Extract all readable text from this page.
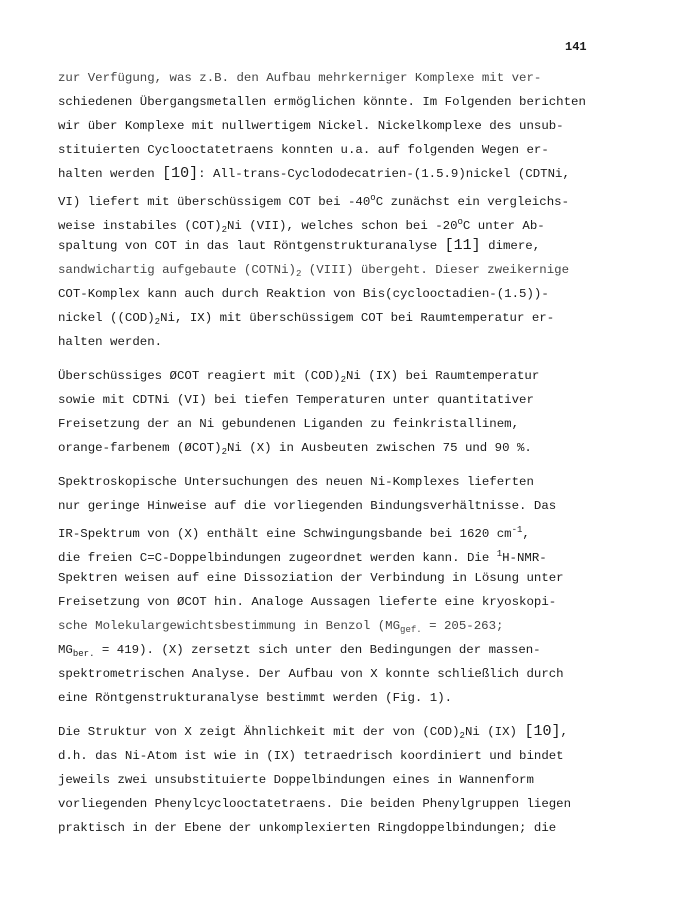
141
zur Verfügung, was z.B. den Aufbau mehrkerniger Komplexe mit ver-
schiedenen Übergangsmetallen ermöglichen könnte. Im Folgenden berichten
wir über Komplexe mit nullwertigem Nickel. Nickelkomplexe des unsub-
stituierten Cyclooctatetraens konnten u.a. auf folgenden Wegen er-
halten werden [10]: All-trans-Cyclododecatrien-(1.5.9)nickel (CDTNi,
VI) liefert mit überschüssigem COT bei -40$^o$C zunächst ein vergleichs-
weise instabiles $(COT)_2Ni$ (VII), welches schon bei -20$^o$C unter Ab-
spaltung von COT in das laut Röntgenstrukturanalyse [11] dimere,
sandwichartig aufgebaute $(COTNi)_2$ (VIII) übergeht. Dieser zweikernige
COT-Komplex kann auch durch Reaktion von Bis(cyclooctadien-(1.5))-
nickel ($(COD)_2Ni$, IX) mit überschüssigem COT bei Raumtemperatur er-
halten werden.
Überschüssiges ØCOT reagiert mit $(COD)_2Ni$ (IX) bei Raumtemperatur
sowie mit CDTNi (VI) bei tiefen Temperaturen unter quantitativer
Freisetzung der an Ni gebundenen Liganden zu feinkristallinem,
orange-farbenem $(ØCOT)_2Ni$ (X) in Ausbeuten zwischen 75 und 90 %.
Spektroskopische Untersuchungen des neuen Ni-Komplexes lieferten
nur geringe Hinweise auf die vorliegenden Bindungsverhältnisse. Das
IR-Spektrum von (X) enthält eine Schwingungsbande bei 1620 $cm^{-1}$,
die freien C=C-Doppelbindungen zugeordnet werden kann. Die $^1$H-NMR-
Spektren weisen auf eine Dissoziation der Verbindung in Lösung unter
Freisetzung von ØCOT hin. Analoge Aussagen lieferte eine kryoskopi-
sche Molekulargewichtsbestimmung in Benzol ($MG_{gef.} = 205-263$;
$MG_{ber.} = 419$). (X) zersetzt sich unter den Bedingungen der massen-
spektrometrischen Analyse. Der Aufbau von X konnte schließlich durch
eine Röntgenstrukturanalyse bestimmt werden (Fig. 1).
Die Struktur von X zeigt Ähnlichkeit mit der von $(COD)_2Ni$ (IX) [10],
d.h. das Ni-Atom ist wie in (IX) tetraedrisch koordiniert und bindet
jeweils zwei unsubstituierte Doppelbindungen eines in Wannenform
vorliegenden Phenylcyclooctatetraens. Die beiden Phenylgruppen liegen
praktisch in der Ebene der unkomplexierten Ringdoppelbindungen; die
